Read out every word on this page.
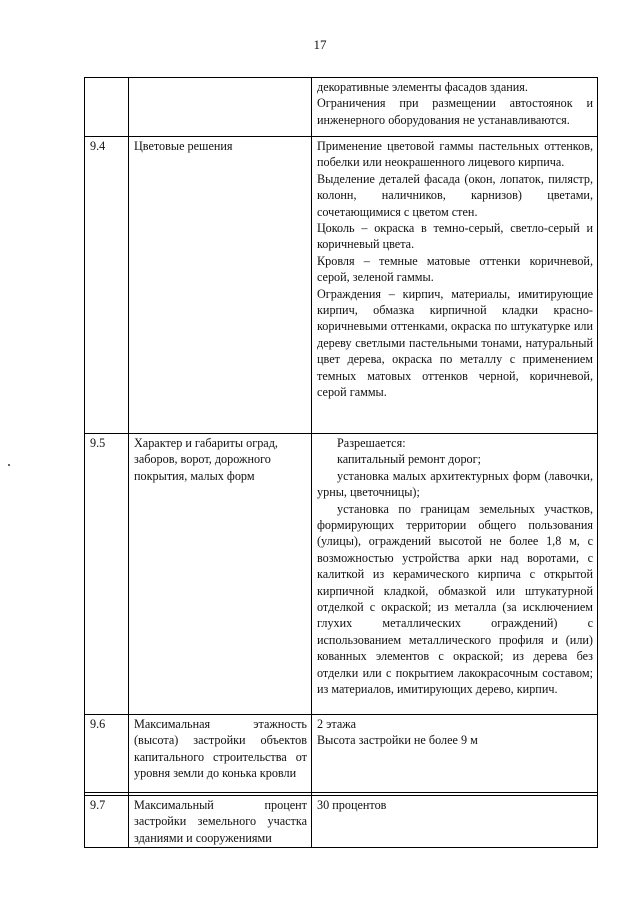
17

		декоративные элементы фасадов здания.
Ограничения при размещении автостоянок и инженерного оборудования не устанавливаются.

9.4	Цветовые решения	Применение цветовой гаммы пастельных оттенков, побелки или неокрашенного лицевого кирпича.
Выделение деталей фасада (окон, лопаток, пилястр, колонн, наличников, карнизов) цветами, сочетающимися с цветом стен.
Цоколь – окраска в темно-серый, светло-серый и коричневый цвета.
Кровля – темные матовые оттенки коричневой, серой, зеленой гаммы.
Ограждения – кирпич, материалы, имитирующие кирпич, обмазка кирпичной кладки красно-коричневыми оттенками, окраска по штукатурке или дереву светлыми пастельными тонами, натуральный цвет дерева, окраска по металлу с применением темных матовых оттенков черной, коричневой, серой гаммы.

9.5	Характер и габариты оград, заборов, ворот, дорожного покрытия, малых форм	Разрешается:
капитальный ремонт дорог;
установка малых архитектурных форм (лавочки, урны, цветочницы);
установка по границам земельных участков, формирующих территории общего пользования (улицы), ограждений высотой не более 1,8 м, с возможностью устройства арки над воротами, с калиткой из керамического кирпича с открытой кирпичной кладкой, обмазкой или штукатурной отделкой с окраской; из металла (за исключением глухих металлических ограждений) с использованием металлического профиля и (или) кованных элементов с окраской; из дерева без отделки или с покрытием лакокрасочным составом; из материалов, имитирующих дерево, кирпич.

9.6	Максимальная этажность (высота) застройки объектов капитального строительства от уровня земли до конька кровли	2 этажа
Высота застройки не более 9 м

9.7	Максимальный процент застройки земельного участка зданиями и сооружениями	30 процентов
